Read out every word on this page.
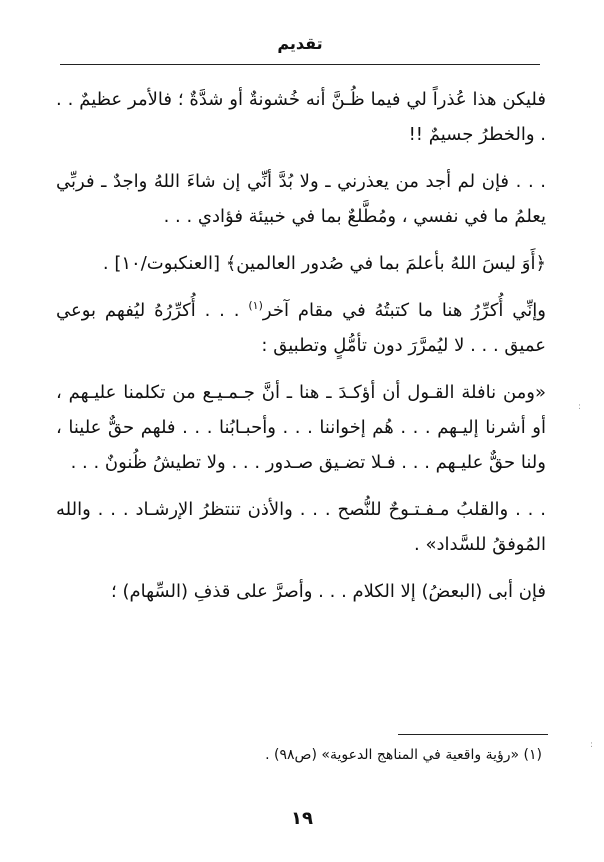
تقديم

فليكن هذا عُذراً لي فيما ظُـنَّ أنه خُشونةٌ أو شدَّةٌ ؛ فالأمر عظيمٌ . . . والخطرُ جسيمٌ !!

. . . فإن لم أجد من يعذرني ـ ولا بُدَّ أنِّي إن شاءَ اللهُ واجدٌ ـ فربِّي يعلمُ ما في نفسي ، ومُطَّلعٌ بما في خبيئة فؤادي . . .

﴿أَوَ ليسَ اللهُ بأعلمَ بما في صُدور العالمين﴾ [العنكبوت/١٠] .

وإنِّي أُكرِّرُ هنا ما كتبتُهُ في مقام آخر$^{(١)}$ . . . أُكرِّرُهُ ليُفهم بوعي عميق . . . لا ليُمرَّرَ دون تأمُّلٍ وتطبيق :

«ومن نافلة القـول أن أؤكـدَ ـ هنا ـ أنَّ جـمـيـع من تكلمنا عليـهم ، أو أشرنا إليـهم . . . هُم إخواننا . . . وأحبـابُنا . . . فلهم حقٌّ علينا ، ولنا حقٌّ عليـهم . . . فـلا تضـيق صـدور . . . ولا تطيشُ ظُنونٌ . . .

. . . والقلبُ مـفـتـوحٌ للنُّصح . . . والأذن تنتظرُ الإرشـاد . . . والله المُوفقُ للسَّداد» .

فإن أبى (البعضُ) إلا الكلام . . . وأصرَّ على قذفِ (السِّهام) ؛

(١) «رؤية واقعية في المناهج الدعوية» (ص٩٨) .
١٩
:
:
